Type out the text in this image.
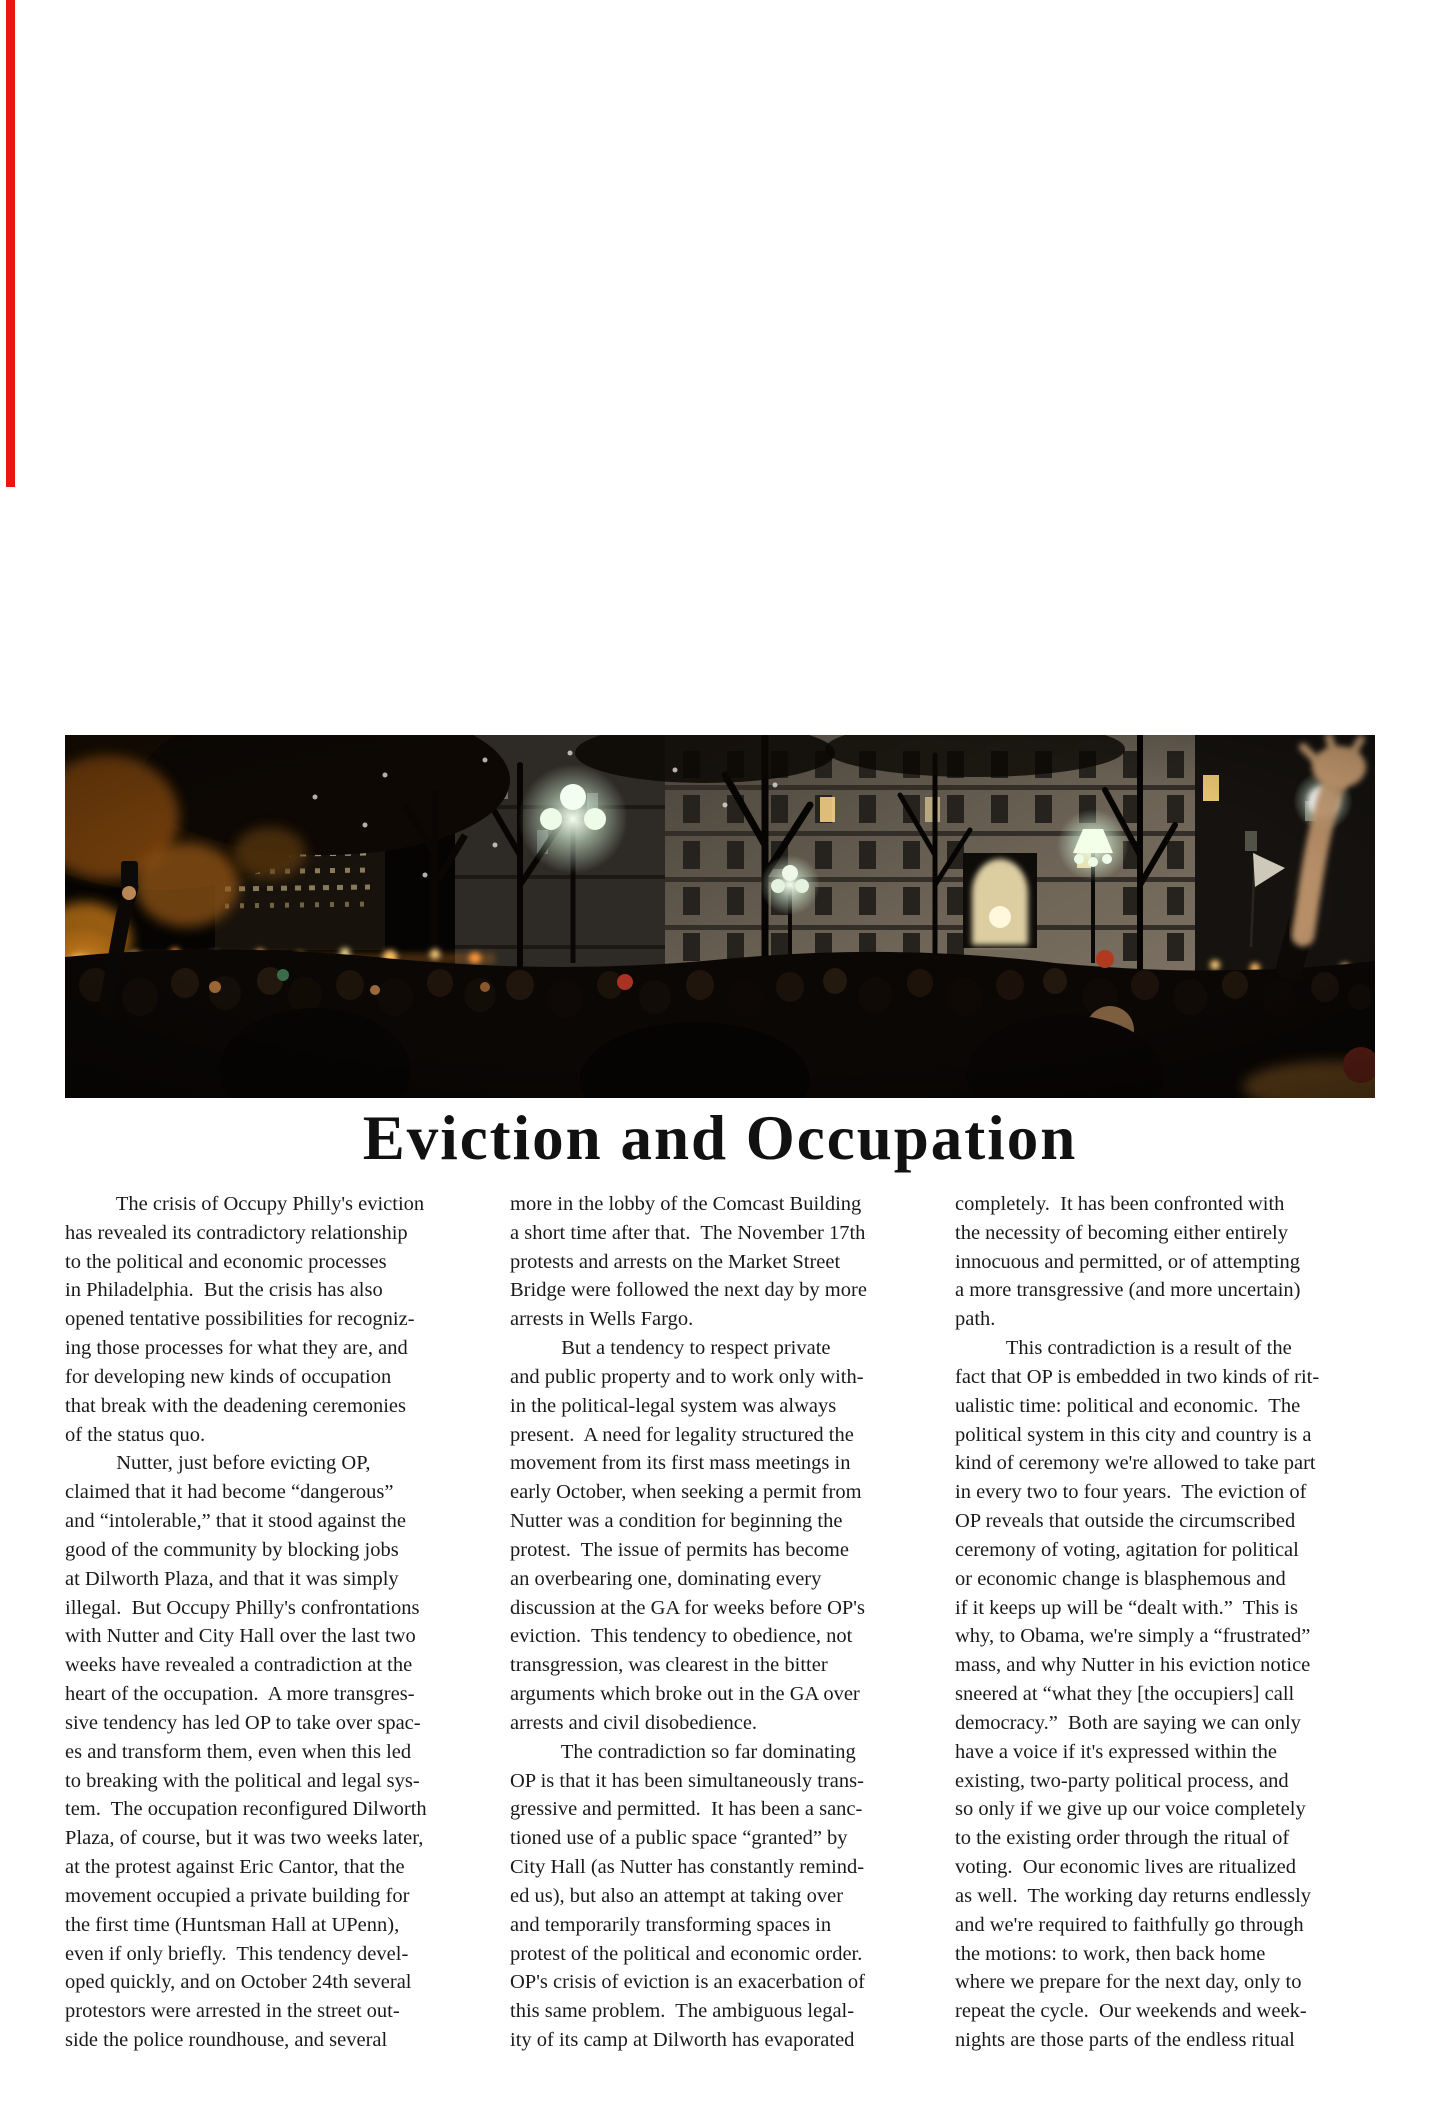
Eviction and Occupation
The crisis of Occupy Philly's eviction
has revealed its contradictory relationship
to the political and economic processes
in Philadelphia.  But the crisis has also
opened tentative possibilities for recogniz-
ing those processes for what they are, and
for developing new kinds of occupation
that break with the deadening ceremonies
of the status quo.
Nutter, just before evicting OP,
claimed that it had become “dangerous”
and “intolerable,” that it stood against the
good of the community by blocking jobs
at Dilworth Plaza, and that it was simply
illegal.  But Occupy Philly's confrontations
with Nutter and City Hall over the last two
weeks have revealed a contradiction at the
heart of the occupation.  A more transgres-
sive tendency has led OP to take over spac-
es and transform them, even when this led
to breaking with the political and legal sys-
tem.  The occupation reconfigured Dilworth
Plaza, of course, but it was two weeks later,
at the protest against Eric Cantor, that the
movement occupied a private building for
the first time (Huntsman Hall at UPenn),
even if only briefly.  This tendency devel-
oped quickly, and on October 24th several
protestors were arrested in the street out-
side the police roundhouse, and several
more in the lobby of the Comcast Building
a short time after that.  The November 17th
protests and arrests on the Market Street
Bridge were followed the next day by more
arrests in Wells Fargo.
But a tendency to respect private
and public property and to work only with-
in the political-legal system was always
present.  A need for legality structured the
movement from its first mass meetings in
early October, when seeking a permit from
Nutter was a condition for beginning the
protest.  The issue of permits has become
an overbearing one, dominating every
discussion at the GA for weeks before OP's
eviction.  This tendency to obedience, not
transgression, was clearest in the bitter
arguments which broke out in the GA over
arrests and civil disobedience.
The contradiction so far dominating
OP is that it has been simultaneously trans-
gressive and permitted.  It has been a sanc-
tioned use of a public space “granted” by
City Hall (as Nutter has constantly remind-
ed us), but also an attempt at taking over
and temporarily transforming spaces in
protest of the political and economic order.
OP's crisis of eviction is an exacerbation of
this same problem.  The ambiguous legal-
ity of its camp at Dilworth has evaporated
completely.  It has been confronted with
the necessity of becoming either entirely
innocuous and permitted, or of attempting
a more transgressive (and more uncertain)
path.
This contradiction is a result of the
fact that OP is embedded in two kinds of rit-
ualistic time: political and economic.  The
political system in this city and country is a
kind of ceremony we're allowed to take part
in every two to four years.  The eviction of
OP reveals that outside the circumscribed
ceremony of voting, agitation for political
or economic change is blasphemous and
if it keeps up will be “dealt with.”  This is
why, to Obama, we're simply a “frustrated”
mass, and why Nutter in his eviction notice
sneered at “what they [the occupiers] call
democracy.”  Both are saying we can only
have a voice if it's expressed within the
existing, two-party political process, and
so only if we give up our voice completely
to the existing order through the ritual of
voting.  Our economic lives are ritualized
as well.  The working day returns endlessly
and we're required to faithfully go through
the motions: to work, then back home
where we prepare for the next day, only to
repeat the cycle.  Our weekends and week-
nights are those parts of the endless ritual
